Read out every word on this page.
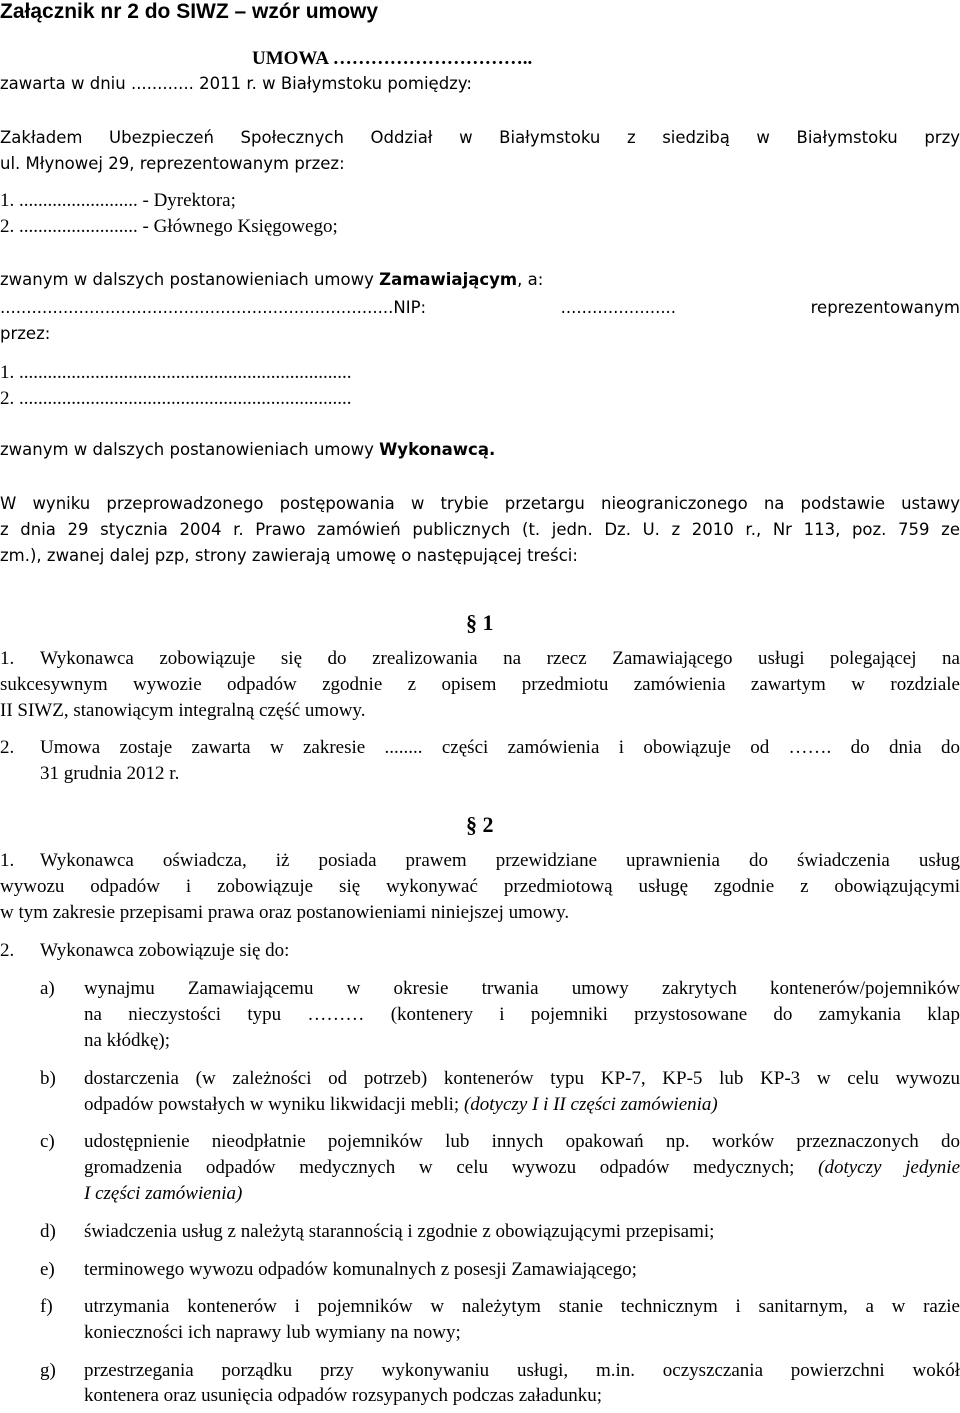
Załącznik nr 2 do SIWZ – wzór umowy
UMOWA …………………………..
zawarta w dniu ............ 2011 r. w Białymstoku pomiędzy:
Zakładem Ubezpieczeń Społecznych Oddział w Białymstoku z siedzibą w Białymstoku przy
ul. Młynowej 29, reprezentowanym przez:
1. ......................... - Dyrektora;
2. ......................... - Głównego Księgowego;
zwanym w dalszych postanowieniach umowy Zamawiającym, a:
...........................................................................NIP: ...................... reprezentowanym
przez:
1. ......................................................................
2. ......................................................................
zwanym w dalszych postanowieniach umowy Wykonawcą.
W wyniku przeprowadzonego postępowania w trybie przetargu nieograniczonego na podstawie ustawy
z dnia 29 stycznia 2004 r. Prawo zamówień publicznych (t. jedn. Dz. U. z 2010 r., Nr 113, poz. 759 ze
zm.), zwanej dalej pzp, strony zawierają umowę o następującej treści:
§ 1
1. Wykonawca zobowiązuje się do zrealizowania na rzecz Zamawiającego usługi polegającej na
sukcesywnym wywozie odpadów zgodnie z opisem przedmiotu zamówienia zawartym w rozdziale
II SIWZ, stanowiącym integralną część umowy.
2. Umowa zostaje zawarta w zakresie ........ części zamówienia i obowiązuje od ……. do dnia do
31 grudnia 2012 r.
§ 2
1. Wykonawca oświadcza, iż posiada prawem przewidziane uprawnienia do świadczenia usług
wywozu odpadów i zobowiązuje się wykonywać przedmiotową usługę zgodnie z obowiązującymi
w tym zakresie przepisami prawa oraz postanowieniami niniejszej umowy.
2. Wykonawca zobowiązuje się do:
a) wynajmu Zamawiającemu w okresie trwania umowy zakrytych kontenerów/pojemników
na nieczystości typu ……… (kontenery i pojemniki przystosowane do zamykania klap
na kłódkę);
b) dostarczenia (w zależności od potrzeb) kontenerów typu KP-7, KP-5 lub KP-3 w celu wywozu
odpadów powstałych w wyniku likwidacji mebli; (dotyczy I i II części zamówienia)
c) udostępnienie nieodpłatnie pojemników lub innych opakowań np. worków przeznaczonych do
gromadzenia odpadów medycznych w celu wywozu odpadów medycznych; (dotyczy jedynie
I części zamówienia)
d) świadczenia usług z należytą starannością i zgodnie z obowiązującymi przepisami;
e) terminowego wywozu odpadów komunalnych z posesji Zamawiającego;
f) utrzymania kontenerów i pojemników w należytym stanie technicznym i sanitarnym, a w razie
konieczności ich naprawy lub wymiany na nowy;
g) przestrzegania porządku przy wykonywaniu usługi, m.in. oczyszczania powierzchni wokół
kontenera oraz usunięcia odpadów rozsypanych podczas załadunku;
